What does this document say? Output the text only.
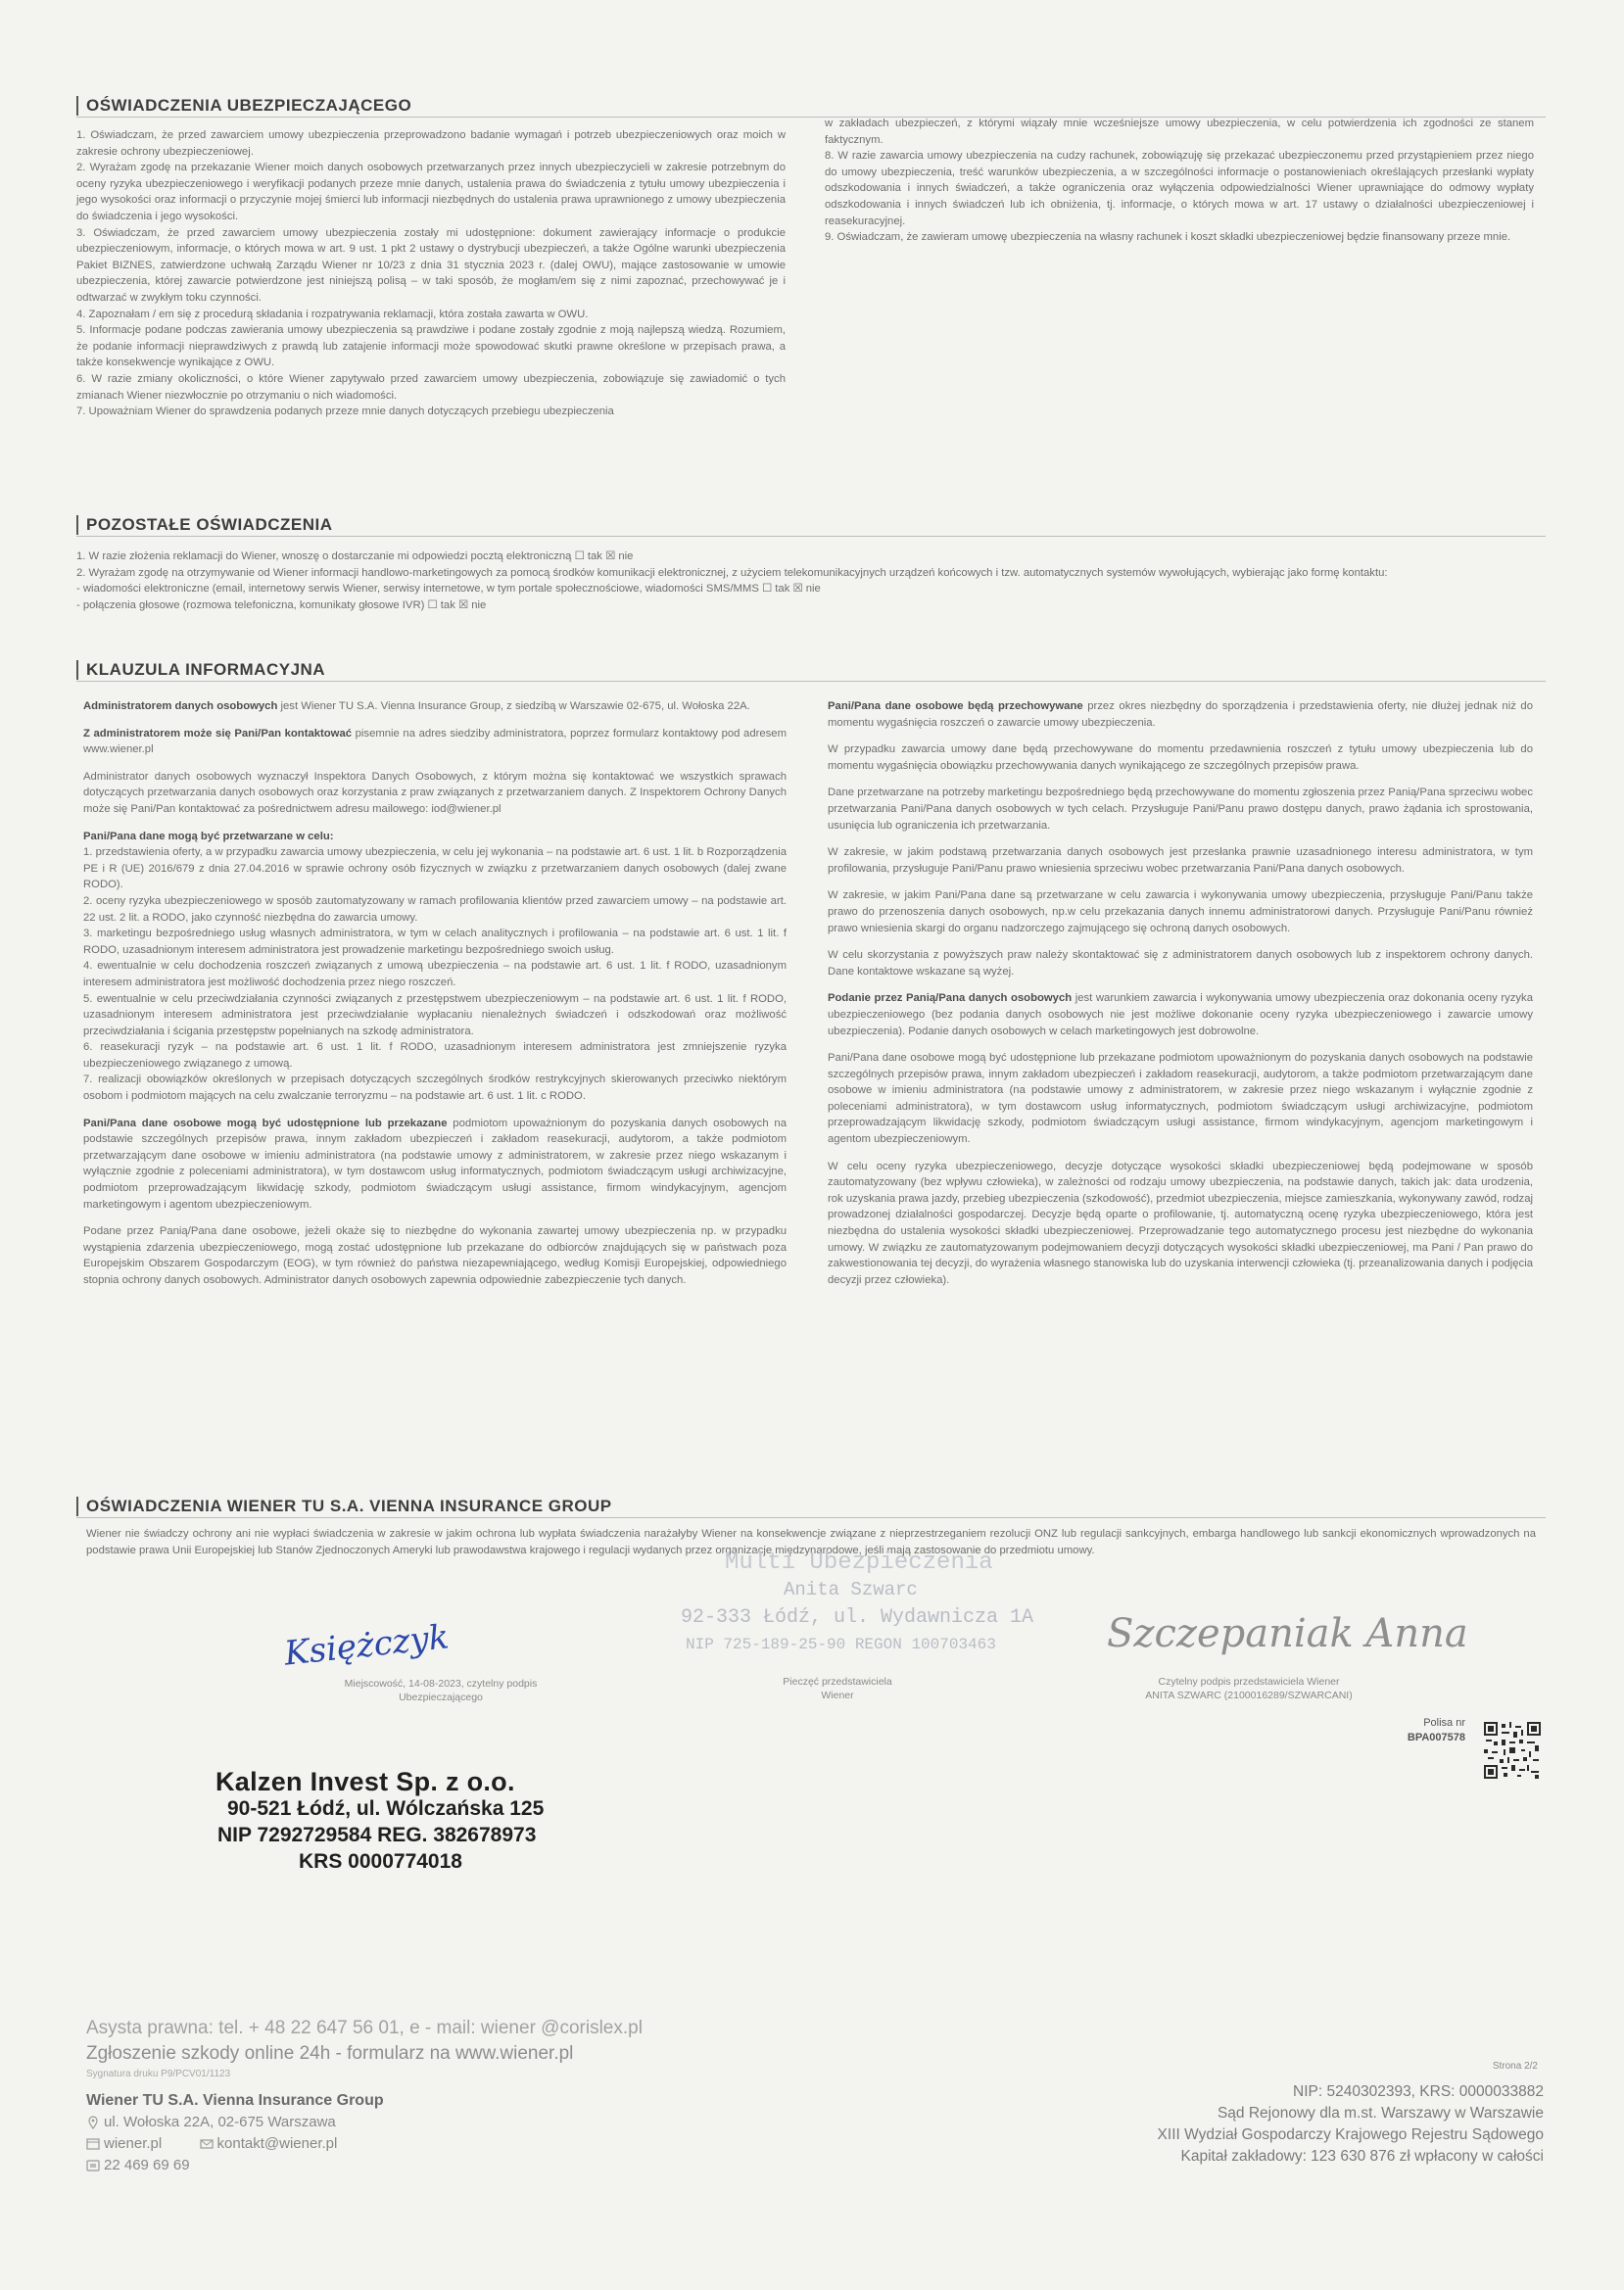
OŚWIADCZENIA UBEZPIECZAJĄCEGO

1. Oświadczam, że przed zawarciem umowy ubezpieczenia przeprowadzono badanie wymagań i potrzeb ubezpieczeniowych oraz moich w zakresie ochrony ubezpieczeniowej.

2. Wyrażam zgodę na przekazanie Wiener moich danych osobowych przetwarzanych przez innych ubezpieczycieli w zakresie potrzebnym do oceny ryzyka ubezpieczeniowego i weryfikacji podanych przeze mnie danych, ustalenia prawa do świadczenia z tytułu umowy ubezpieczenia i jego wysokości oraz informacji o przyczynie mojej śmierci lub informacji niezbędnych do ustalenia prawa uprawnionego z umowy ubezpieczenia do świadczenia i jego wysokości.

3. Oświadczam, że przed zawarciem umowy ubezpieczenia zostały mi udostępnione: dokument zawierający informacje o produkcie ubezpieczeniowym, informacje, o których mowa w art. 9 ust. 1 pkt 2 ustawy o dystrybucji ubezpieczeń, a także Ogólne warunki ubezpieczenia Pakiet BIZNES, zatwierdzone uchwałą Zarządu Wiener nr 10/23 z dnia 31 stycznia 2023 r. (dalej OWU), mające zastosowanie w umowie ubezpieczenia, której zawarcie potwierdzone jest niniejszą polisą – w taki sposób, że mogłam/em się z nimi zapoznać, przechowywać je i odtwarzać w zwykłym toku czynności.

4. Zapoznałam / em się z procedurą składania i rozpatrywania reklamacji, która została zawarta w OWU.

5. Informacje podane podczas zawierania umowy ubezpieczenia są prawdziwe i podane zostały zgodnie z moją najlepszą wiedzą. Rozumiem, że podanie informacji nieprawdziwych z prawdą lub zatajenie informacji może spowodować skutki prawne określone w przepisach prawa, a także konsekwencje wynikające z OWU.

6. W razie zmiany okoliczności, o które Wiener zapytywało przed zawarciem umowy ubezpieczenia, zobowiązuje się zawiadomić o tych zmianach Wiener niezwłocznie po otrzymaniu o nich wiadomości.

7. Upoważniam Wiener do sprawdzenia podanych przeze mnie danych dotyczących przebiegu ubezpieczenia

w zakładach ubezpieczeń, z którymi wiązały mnie wcześniejsze umowy ubezpieczenia, w celu potwierdzenia ich zgodności ze stanem faktycznym.

8. W razie zawarcia umowy ubezpieczenia na cudzy rachunek, zobowiązuję się przekazać ubezpieczonemu przed przystąpieniem przez niego do umowy ubezpieczenia, treść warunków ubezpieczenia, a w szczególności informacje o postanowieniach określających przesłanki wypłaty odszkodowania i innych świadczeń, a także ograniczenia oraz wyłączenia odpowiedzialności Wiener uprawniające do odmowy wypłaty odszkodowania i innych świadczeń lub ich obniżenia, tj. informacje, o których mowa w art. 17 ustawy o działalności ubezpieczeniowej i reasekuracyjnej.

9. Oświadczam, że zawieram umowę ubezpieczenia na własny rachunek i koszt składki ubezpieczeniowej będzie finansowany przeze mnie.

POZOSTAŁE OŚWIADCZENIA

1. W razie złożenia reklamacji do Wiener, wnoszę o dostarczanie mi odpowiedzi pocztą elektroniczną ☐ tak ☒ nie

2. Wyrażam zgodę na otrzymywanie od Wiener informacji handlowo-marketingowych za pomocą środków komunikacji elektronicznej, z użyciem telekomunikacyjnych urządzeń końcowych i tzw. automatycznych systemów wywołujących, wybierając jako formę kontaktu:

- wiadomości elektroniczne (email, internetowy serwis Wiener, serwisy internetowe, w tym portale społecznościowe, wiadomości SMS/MMS ☐ tak ☒ nie

- połączenia głosowe (rozmowa telefoniczna, komunikaty głosowe IVR) ☐ tak ☒ nie

KLAUZULA INFORMACYJNA

Administratorem danych osobowych jest Wiener TU S.A. Vienna Insurance Group, z siedzibą w Warszawie 02-675, ul. Wołoska 22A.

Z administratorem może się Pani/Pan kontaktować pisemnie na adres siedziby administratora, poprzez formularz kontaktowy pod adresem www.wiener.pl

Administrator danych osobowych wyznaczył Inspektora Danych Osobowych, z którym można się kontaktować we wszystkich sprawach dotyczących przetwarzania danych osobowych oraz korzystania z praw związanych z przetwarzaniem danych. Z Inspektorem Ochrony Danych może się Pani/Pan kontaktować za pośrednictwem adresu mailowego: iod@wiener.pl

Pani/Pana dane mogą być przetwarzane w celu:

1. przedstawienia oferty, a w przypadku zawarcia umowy ubezpieczenia, w celu jej wykonania – na podstawie art. 6 ust. 1 lit. b Rozporządzenia PE i R (UE) 2016/679 z dnia 27.04.2016 w sprawie ochrony osób fizycznych w związku z przetwarzaniem danych osobowych (dalej zwane RODO).

2. oceny ryzyka ubezpieczeniowego w sposób zautomatyzowany w ramach profilowania klientów przed zawarciem umowy – na podstawie art. 22 ust. 2 lit. a RODO, jako czynność niezbędna do zawarcia umowy.

3. marketingu bezpośredniego usług własnych administratora, w tym w celach analitycznych i profilowania – na podstawie art. 6 ust. 1 lit. f RODO, uzasadnionym interesem administratora jest prowadzenie marketingu bezpośredniego swoich usług.

4. ewentualnie w celu dochodzenia roszczeń związanych z umową ubezpieczenia – na podstawie art. 6 ust. 1 lit. f RODO, uzasadnionym interesem administratora jest możliwość dochodzenia przez niego roszczeń.

5. ewentualnie w celu przeciwdziałania czynności związanych z przestępstwem ubezpieczeniowym – na podstawie art. 6 ust. 1 lit. f RODO, uzasadnionym interesem administratora jest przeciwdziałanie wypłacaniu nienależnych świadczeń i odszkodowań oraz możliwość przeciwdziałania i ścigania przestępstw popełnianych na szkodę administratora.

6. reasekuracji ryzyk – na podstawie art. 6 ust. 1 lit. f RODO, uzasadnionym interesem administratora jest zmniejszenie ryzyka ubezpieczeniowego związanego z umową.

7. realizacji obowiązków określonych w przepisach dotyczących szczególnych środków restrykcyjnych skierowanych przeciwko niektórym osobom i podmiotom mających na celu zwalczanie terroryzmu – na podstawie art. 6 ust. 1 lit. c RODO.

Pani/Pana dane osobowe mogą być udostępnione lub przekazane podmiotom upoważnionym do pozyskania danych osobowych na podstawie szczególnych przepisów prawa, innym zakładom ubezpieczeń i zakładom reasekuracji, audytorom, a także podmiotom przetwarzającym dane osobowe w imieniu administratora (na podstawie umowy z administratorem, w zakresie przez niego wskazanym i wyłącznie zgodnie z poleceniami administratora), w tym dostawcom usług informatycznych, podmiotom świadczącym usługi archiwizacyjne, podmiotom przeprowadzającym likwidację szkody, podmiotom świadczącym usługi assistance, firmom windykacyjnym, agencjom marketingowym i agentom ubezpieczeniowym.

Podane przez Panią/Pana dane osobowe, jeżeli okaże się to niezbędne do wykonania zawartej umowy ubezpieczenia np. w przypadku wystąpienia zdarzenia ubezpieczeniowego, mogą zostać udostępnione lub przekazane do odbiorców znajdujących się w państwach poza Europejskim Obszarem Gospodarczym (EOG), w tym również do państwa niezapewniającego, według Komisji Europejskiej, odpowiedniego stopnia ochrony danych osobowych. Administrator danych osobowych zapewnia odpowiednie zabezpieczenie tych danych.

Pani/Pana dane osobowe będą przechowywane przez okres niezbędny do sporządzenia i przedstawienia oferty, nie dłużej jednak niż do momentu wygaśnięcia roszczeń o zawarcie umowy ubezpieczenia.

W przypadku zawarcia umowy dane będą przechowywane do momentu przedawnienia roszczeń z tytułu umowy ubezpieczenia lub do momentu wygaśnięcia obowiązku przechowywania danych wynikającego ze szczególnych przepisów prawa.

Dane przetwarzane na potrzeby marketingu bezpośredniego będą przechowywane do momentu zgłoszenia przez Panią/Pana sprzeciwu wobec przetwarzania Pani/Pana danych osobowych w tych celach. Przysługuje Pani/Panu prawo dostępu danych, prawo żądania ich sprostowania, usunięcia lub ograniczenia ich przetwarzania.

W zakresie, w jakim podstawą przetwarzania danych osobowych jest przesłanka prawnie uzasadnionego interesu administratora, w tym profilowania, przysługuje Pani/Panu prawo wniesienia sprzeciwu wobec przetwarzania Pani/Pana danych osobowych.

W zakresie, w jakim Pani/Pana dane są przetwarzane w celu zawarcia i wykonywania umowy ubezpieczenia, przysługuje Pani/Panu także prawo do przenoszenia danych osobowych, np.w celu przekazania danych innemu administratorowi danych. Przysługuje Pani/Panu również prawo wniesienia skargi do organu nadzorczego zajmującego się ochroną danych osobowych.

W celu skorzystania z powyższych praw należy skontaktować się z administratorem danych osobowych lub z inspektorem ochrony danych. Dane kontaktowe wskazane są wyżej.

Podanie przez Panią/Pana danych osobowych jest warunkiem zawarcia i wykonywania umowy ubezpieczenia oraz dokonania oceny ryzyka ubezpieczeniowego (bez podania danych osobowych nie jest możliwe dokonanie oceny ryzyka ubezpieczeniowego i zawarcie umowy ubezpieczenia). Podanie danych osobowych w celach marketingowych jest dobrowolne.

Pani/Pana dane osobowe mogą być udostępnione lub przekazane podmiotom upoważnionym do pozyskania danych osobowych na podstawie szczególnych przepisów prawa, innym zakładom ubezpieczeń i zakładom reasekuracji, audytorom, a także podmiotom przetwarzającym dane osobowe w imieniu administratora (na podstawie umowy z administratorem, w zakresie przez niego wskazanym i wyłącznie zgodnie z poleceniami administratora), w tym dostawcom usług informatycznych, podmiotom świadczącym usługi archiwizacyjne, podmiotom przeprowadzającym likwidację szkody, podmiotom świadczącym usługi assistance, firmom windykacyjnym, agencjom marketingowym i agentom ubezpieczeniowym.

W celu oceny ryzyka ubezpieczeniowego, decyzje dotyczące wysokości składki ubezpieczeniowej będą podejmowane w sposób zautomatyzowany (bez wpływu człowieka), w zależności od rodzaju umowy ubezpieczenia, na podstawie danych, takich jak: data urodzenia, rok uzyskania prawa jazdy, przebieg ubezpieczenia (szkodowość), przedmiot ubezpieczenia, miejsce zamieszkania, wykonywany zawód, rodzaj prowadzonej działalności gospodarczej. Decyzje będą oparte o profilowanie, tj. automatyczną ocenę ryzyka ubezpieczeniowego, która jest niezbędna do ustalenia wysokości składki ubezpieczeniowej. Przeprowadzanie tego automatycznego procesu jest niezbędne do wykonania umowy. W związku ze zautomatyzowanym podejmowaniem decyzji dotyczących wysokości składki ubezpieczeniowej, ma Pani / Pan prawo do zakwestionowania tej decyzji, do wyrażenia własnego stanowiska lub do uzyskania interwencji człowieka (tj. przeanalizowania danych i podjęcia decyzji przez człowieka).

OŚWIADCZENIA WIENER TU S.A. VIENNA INSURANCE GROUP
Wiener nie świadczy ochrony ani nie wypłaci świadczenia w zakresie w jakim ochrona lub wypłata świadczenia narażałyby Wiener na konsekwencje związane z nieprzestrzeganiem rezolucji ONZ lub regulacji sankcyjnych, embarga handlowego lub sankcji ekonomicznych wprowadzonych na podstawie prawa Unii Europejskiej lub Stanów Zjednoczonych Ameryki lub prawodawstwa krajowego i regulacji wydanych przez organizacje międzynarodowe, jeśli mają zastosowanie do przedmiotu umowy.
Księżczyk
Miejscowość, 14-08-2023, czytelny podpis
Ubezpieczającego
Multi Ubezpieczenia
Anita Szwarc
92-333 Łódź, ul. Wydawnicza 1A
NIP 725-189-25-90 REGON 100703463
Pieczęć przedstawiciela
Wiener
Szczepaniak Anna
Czytelny podpis przedstawiciela Wiener
ANITA SZWARC (2100016289/SZWARCANI)
Polisa nr
BPA007578
Kalzen Invest Sp. z o.o.
90-521 Łódź, ul. Wólczańska 125
NIP 7292729584 REG. 382678973
KRS 0000774018
Asysta prawna: tel. + 48 22 647 56 01, e - mail: wiener @corislex.pl
Zgłoszenie szkody online 24h - formularz na www.wiener.pl
Sygnatura druku P9/PCV01/1123
Wiener TU S.A. Vienna Insurance Group
ul. Wołoska 22A, 02-675 Warszawa
wiener.pl	kontakt@wiener.pl
22 469 69 69
Strona 2/2
NIP: 5240302393, KRS: 0000033882
Sąd Rejonowy dla m.st. Warszawy w Warszawie
XIII Wydział Gospodarczy Krajowego Rejestru Sądowego
Kapitał zakładowy: 123 630 876 zł wpłacony w całości
